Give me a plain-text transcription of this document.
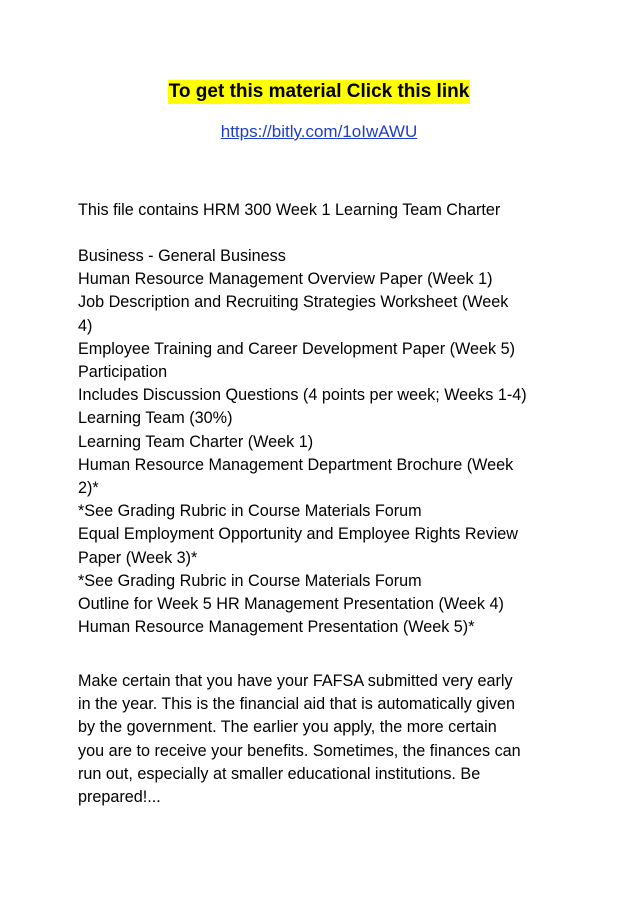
To get this material Click this link
https://bitly.com/1oIwAWU

This file contains HRM 300 Week 1 Learning Team Charter

Business - General Business

Human Resource Management Overview Paper (Week 1)

Job Description and Recruiting Strategies Worksheet (Week

4)

Employee Training and Career Development Paper (Week 5)

Participation

Includes Discussion Questions (4 points per week; Weeks 1-4)

Learning Team (30%)

Learning Team Charter (Week 1)

Human Resource Management Department Brochure (Week

2)*

*See Grading Rubric in Course Materials Forum

Equal Employment Opportunity and Employee Rights Review

Paper (Week 3)*

*See Grading Rubric in Course Materials Forum

Outline for Week 5 HR Management Presentation (Week 4)

Human Resource Management Presentation (Week 5)*

Make certain that you have your FAFSA submitted very early

in the year. This is the financial aid that is automatically given

by the government. The earlier you apply, the more certain

you are to receive your benefits. Sometimes, the finances can

run out, especially at smaller educational institutions. Be

prepared!...
